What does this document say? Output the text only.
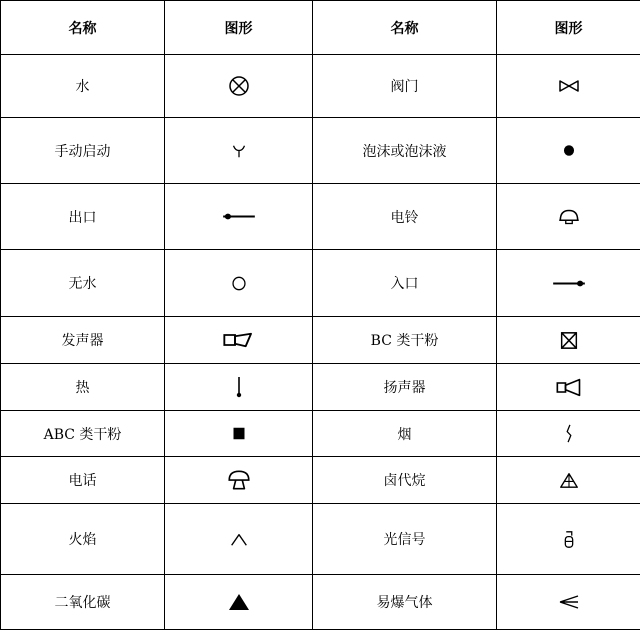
名称	图形	名称	图形
水		阀门	

手动启动		泡沫或泡沫液	

出口		电铃	

无水		入口	

发声器		BC 类干粉	

热		扬声器	

ABC 类干粉		烟	

电话		卤代烷	

火焰		光信号	

二氧化碳		易爆气体	
